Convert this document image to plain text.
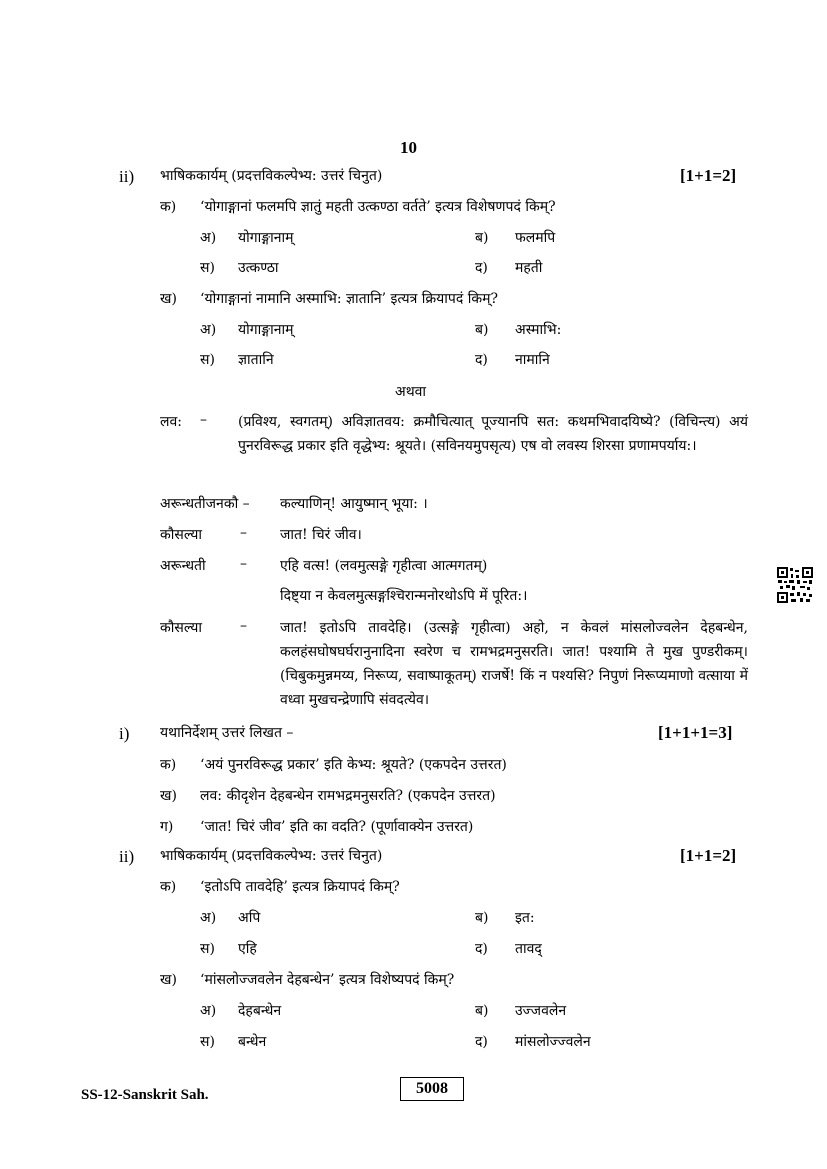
10
ii) भाषिककार्यम् (प्रदत्तविकल्पेभ्य: उत्तरं चिनुत)	[1+1=2]
क) ‘योगाङ्गानां फलमपि ज्ञातुं महती उत्कण्ठा वर्तते’ इत्यत्र विशेषणपदं किम्?
अ) योगाङ्गानाम्	ब) फलमपि
स) उत्कण्ठा	द) महती
ख) ‘योगाङ्गानां नामानि अस्माभि: ज्ञातानि’ इत्यत्र क्रियापदं किम्?
अ) योगाङ्गानाम्	ब) अस्माभि:
स) ज्ञातानि	द) नामानि
अथवा
लव: – (प्रविश्य, स्वगतम्) अविज्ञातवय: क्रमौचित्यात् पूज्यानपि सत: कथमभिवादयिष्ये? (विचिन्त्य) अयं पुनरविरूद्ध प्रकार इति वृद्धेभ्य: श्रूयते। (सविनयमुपसृत्य) एष वो लवस्य शिरसा प्रणामपर्याय:।
अरून्धतीजनकौ – कल्याणिन्! आयुष्मान् भूया: ।
कौसल्या	– जात! चिरं जीव।
अरून्धती – एहि वत्स! (लवमुत्सङ्गे गृहीत्वा आत्मगतम्)
दिष्ट्या न केवलमुत्सङ्गश्चिरान्मनोरथोऽपि में पूरित:।
कौसल्या	– जात! इतोऽपि तावदेहि। (उत्सङ्गे गृहीत्वा) अहो, न केवलं मांसलोज्वलेन देहबन्धेन, कलहंसघोषघर्घरानुनादिना स्वरेण च रामभद्रमनुसरति। जात! पश्यामि ते मुख पुण्डरीकम्। (चिबुकमुन्नमय्य, निरूप्य, सवाष्पाकूतम्) राजर्षे! किं न पश्यसि? निपुणं निरूप्यमाणो वत्साया में वध्वा मुखचन्द्रेणापि संवदत्येव।
i) यथानिर्देशम् उत्तरं लिखत –	[1+1+1=3]
क) ‘अयं पुनरविरूद्ध प्रकार’ इति केभ्य: श्रूयते? (एकपदेन उत्तरत)
ख) लव: कीदृशेन देहबन्धेन रामभद्रमनुसरति? (एकपदेन उत्तरत)
ग) ‘जात! चिरं जीव’ इति का वदति? (पूर्णावाक्येन उत्तरत)
ii) भाषिककार्यम् (प्रदत्तविकल्पेभ्य: उत्तरं चिनुत)	[1+1=2]
क) ‘इतोऽपि तावदेहि’ इत्यत्र क्रियापदं किम्?
अ) अपि	ब) इत:
स) एहि	द) तावद्
ख) ‘मांसलोज्जवलेन देहबन्धेन’ इत्यत्र विशेष्यपदं किम्?
अ) देहबन्धेन	ब) उज्जवलेन
स) बन्धेन	द) मांसलोज्ज्वलेन
SS-12-Sanskrit Sah.	5008
